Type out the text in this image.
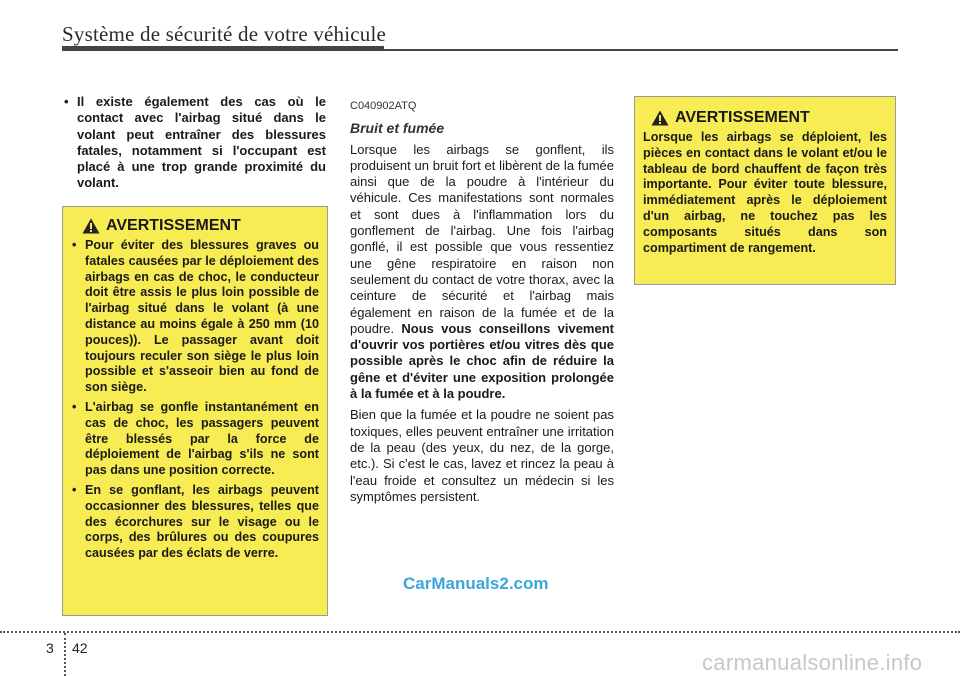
Système de sécurité de votre véhicule
• Il existe également des cas où le contact avec l'airbag situé dans le volant peut entraîner des blessures fatales, notamment si l'occupant est placé à une trop grande proximité du volant.
AVERTISSEMENT
• Pour éviter des blessures graves ou fatales causées par le déploiement des airbags en cas de choc, le conducteur doit être assis le plus loin possible de l'airbag situé dans le volant (à une distance au moins égale à 250 mm (10 pouces)). Le passager avant doit toujours reculer son siège le plus loin possible et s'asseoir bien au fond de son siège.
• L'airbag se gonfle instantanément en cas de choc, les passagers peuvent être blessés par la force de déploiement de l'airbag s'ils ne sont pas dans une position correcte.
• En se gonflant, les airbags peuvent occasionner des blessures, telles que des écorchures sur le visage ou le corps, des brûlures ou des coupures causées par des éclats de verre.
C040902ATQ
Bruit et fumée

Lorsque les airbags se gonflent, ils produisent un bruit fort et libèrent de la fumée ainsi que de la poudre à l'intérieur du véhicule. Ces manifestations sont normales et sont dues à l'inflammation lors du gonflement de l'airbag. Une fois l'airbag gonflé, il est possible que vous ressentiez une gêne respiratoire en raison non seulement du contact de votre thorax, avec la ceinture de sécurité et l'airbag mais également en raison de la fumée et de la poudre. Nous vous conseillons vivement d'ouvrir vos portières et/ou vitres dès que possible après le choc afin de réduire la gêne et d'éviter une exposition prolongée à la fumée et à la poudre.

Bien que la fumée et la poudre ne soient pas toxiques, elles peuvent entraîner une irritation de la peau (des yeux, du nez, de la gorge, etc.). Si c'est le cas, lavez et rincez la peau à l'eau froide et consultez un médecin si les symptômes persistent.

AVERTISSEMENT
Lorsque les airbags se déploient, les pièces en contact dans le volant et/ou le tableau de bord chauffent de façon très importante. Pour éviter toute blessure, immédiatement après le déploiement d'un airbag, ne touchez pas les composants situés dans son compartiment de rangement.
CarManuals2.com
3 42
carmanualsonline.info
